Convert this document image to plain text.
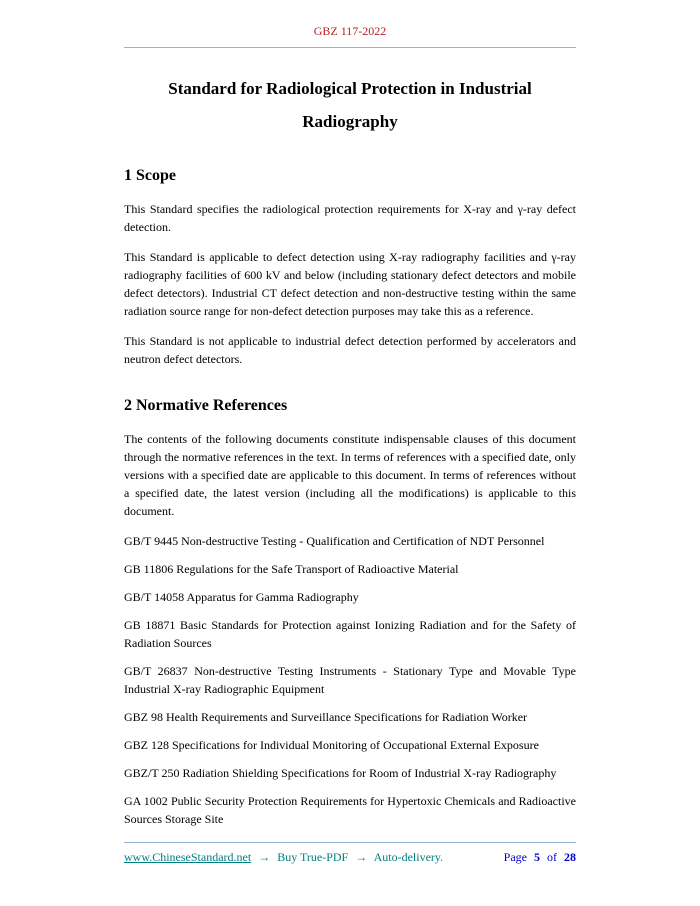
GBZ 117-2022
Standard for Radiological Protection in Industrial
Radiography
1 Scope

This Standard specifies the radiological protection requirements for X-ray and γ-ray defect detection.

This Standard is applicable to defect detection using X-ray radiography facilities and γ-ray radiography facilities of 600 kV and below (including stationary defect detectors and mobile defect detectors). Industrial CT defect detection and non-destructive testing within the same radiation source range for non-defect detection purposes may take this as a reference.

This Standard is not applicable to industrial defect detection performed by accelerators and neutron defect detectors.

2 Normative References

The contents of the following documents constitute indispensable clauses of this document through the normative references in the text. In terms of references with a specified date, only versions with a specified date are applicable to this document. In terms of references without a specified date, the latest version (including all the modifications) is applicable to this document.

GB/T 9445 Non-destructive Testing - Qualification and Certification of NDT Personnel

GB 11806 Regulations for the Safe Transport of Radioactive Material

GB/T 14058 Apparatus for Gamma Radiography

GB 18871 Basic Standards for Protection against Ionizing Radiation and for the Safety of Radiation Sources

GB/T 26837 Non-destructive Testing Instruments - Stationary Type and Movable Type Industrial X-ray Radiographic Equipment

GBZ 98 Health Requirements and Surveillance Specifications for Radiation Worker

GBZ 128 Specifications for Individual Monitoring of Occupational External Exposure

GBZ/T 250 Radiation Shielding Specifications for Room of Industrial X-ray Radiography

GA 1002 Public Security Protection Requirements for Hypertoxic Chemicals and Radioactive Sources Storage Site

www.ChineseStandard.net → Buy True-PDF → Auto-delivery.	Page 5 of 28
